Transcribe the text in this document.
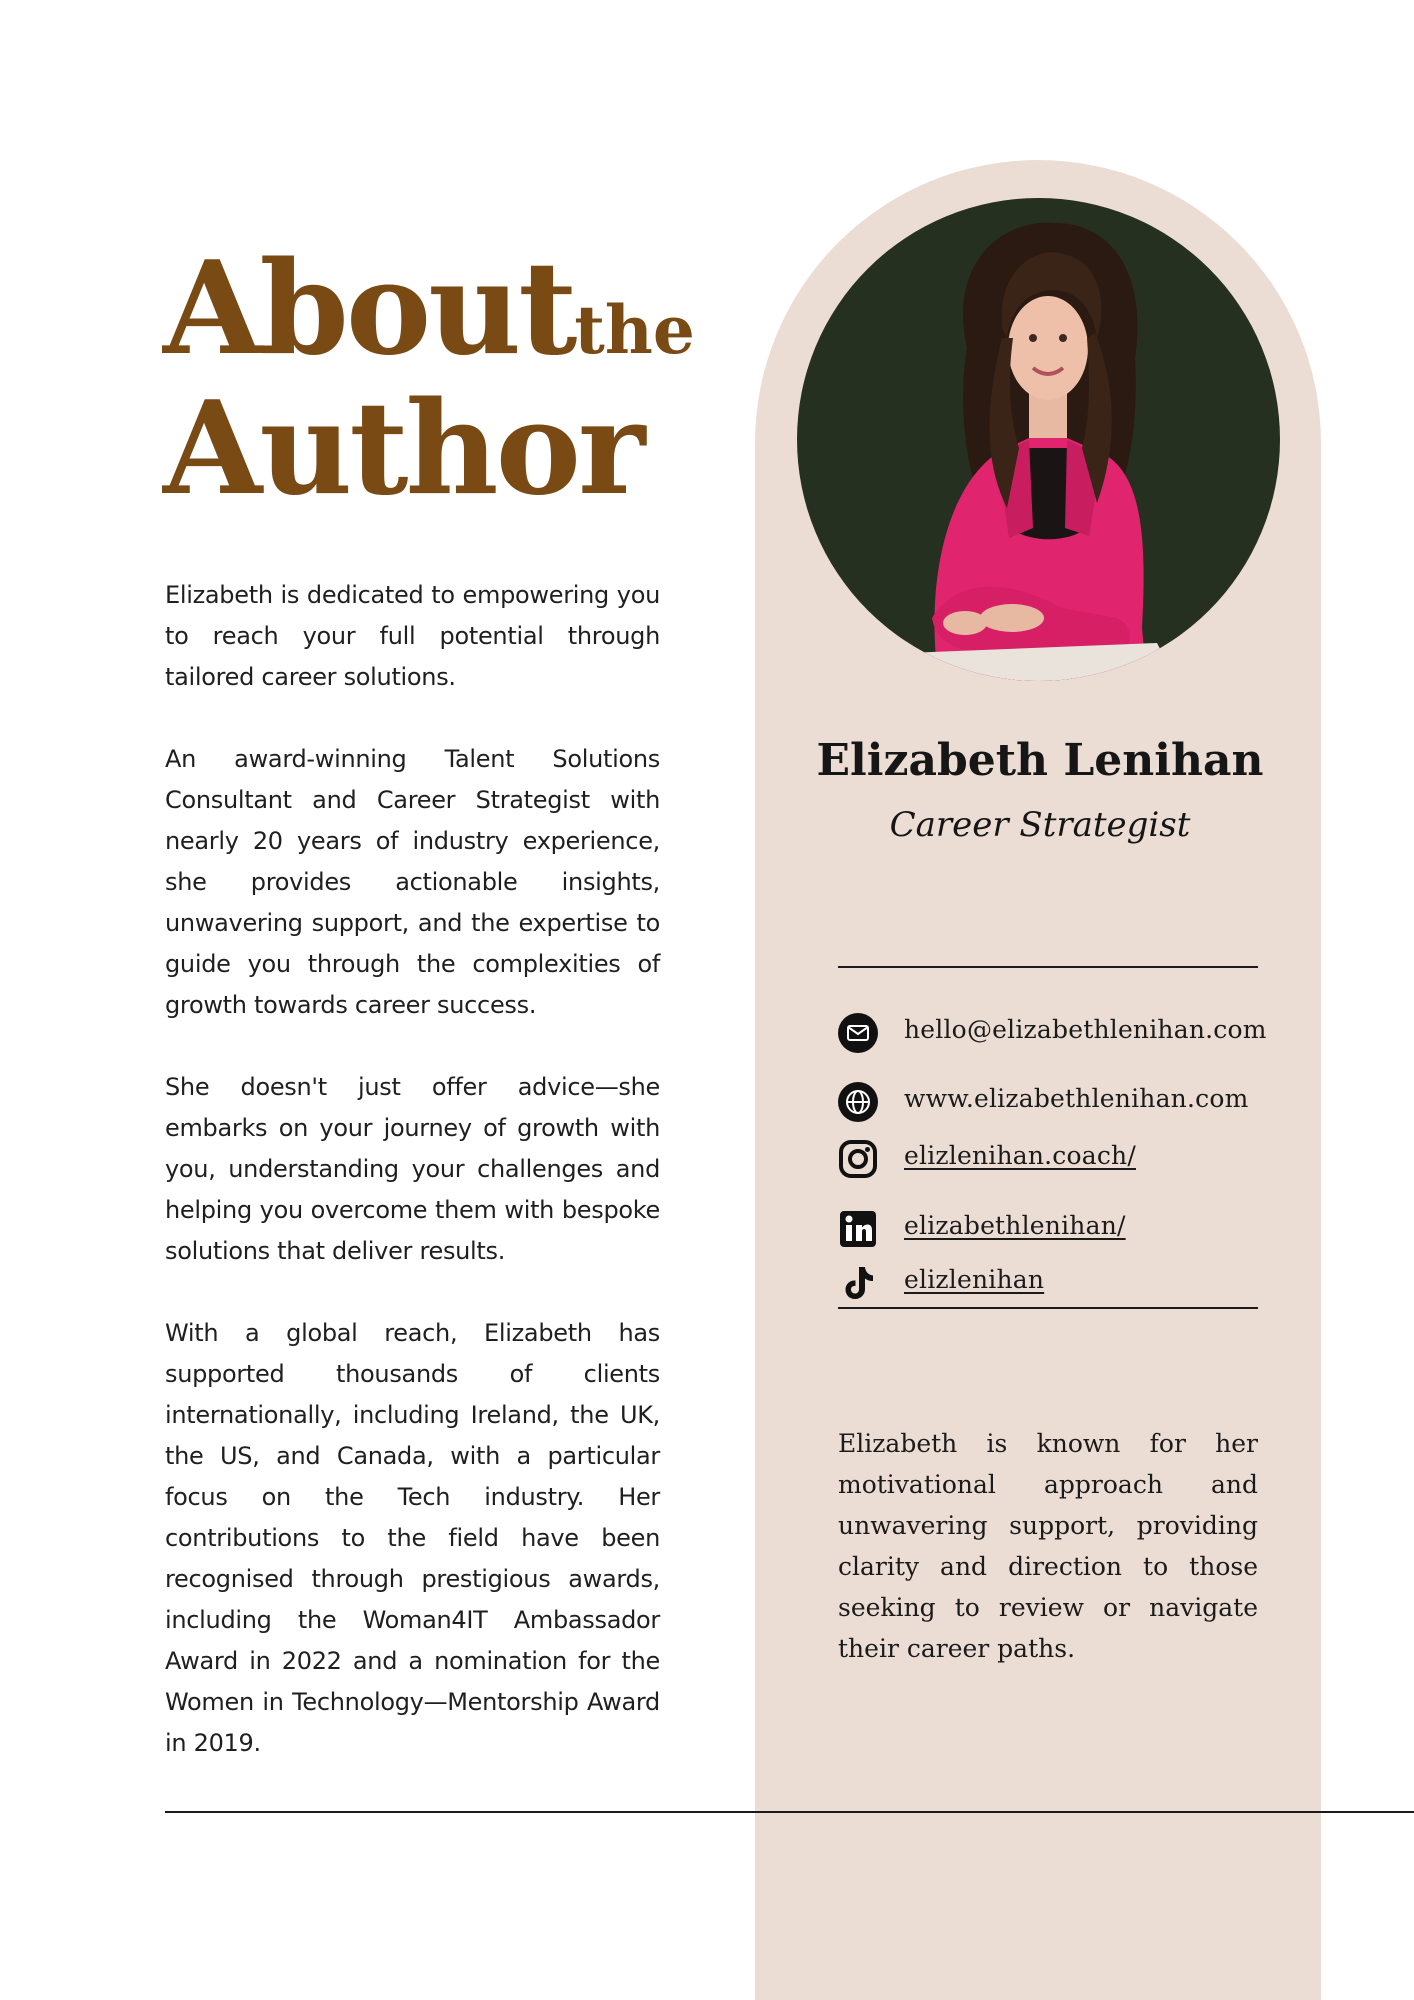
Aboutthe
Author

Elizabeth is dedicated to empowering you to reach your full potential through tailored career solutions.

An award-winning Talent Solutions Consultant and Career Strategist with nearly 20 years of industry experience, she provides actionable insights, unwavering support, and the expertise to guide you through the complexities of growth towards career success.

She doesn't just offer advice—she embarks on your journey of growth with you, understanding your challenges and helping you overcome them with bespoke solutions that deliver results.

With a global reach, Elizabeth has supported thousands of clients internationally, including Ireland, the UK, the US, and Canada, with a particular focus on the Tech industry. Her contributions to the field have been recognised through prestigious awards, including the Woman4IT Ambassador Award in 2022 and a nomination for the Women in Technology—Mentorship Award in 2019.

Elizabeth Lenihan
Career Strategist
hello@elizabethlenihan.com
www.elizabethlenihan.com
elizlenihan.coach/
elizabethlenihan/
elizlenihan
Elizabeth is known for her motivational approach and unwavering support, providing clarity and direction to those seeking to review or navigate their career paths.
